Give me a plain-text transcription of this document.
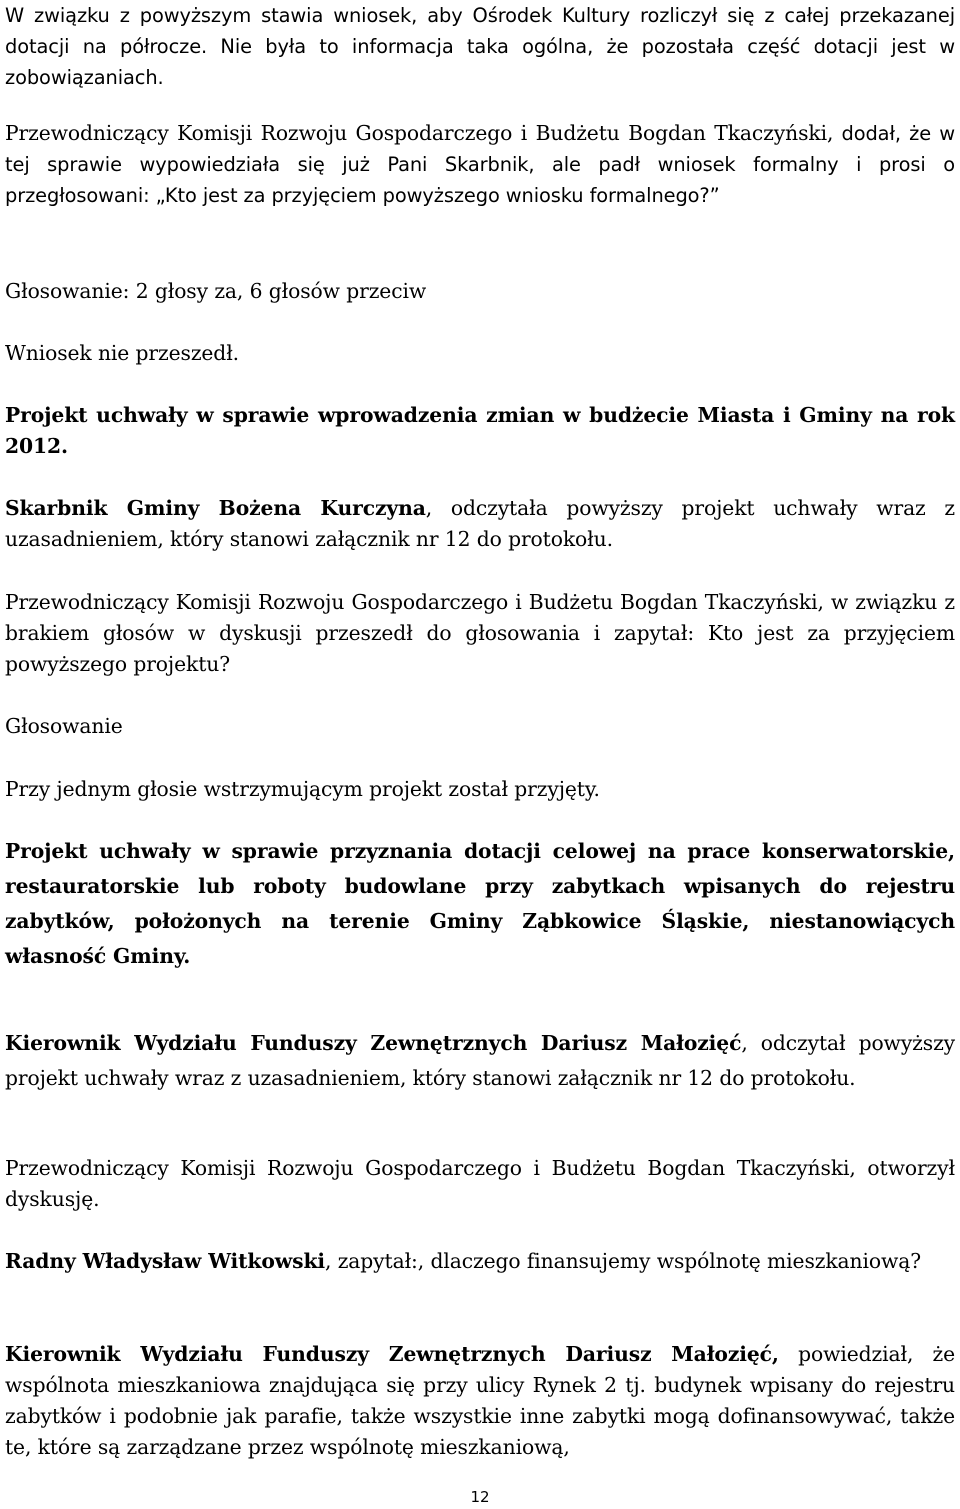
W związku z powyższym stawia wniosek, aby Ośrodek Kultury rozliczył się z całej przekazanej dotacji na półrocze. Nie była to informacja taka ogólna, że pozostała część dotacji jest w zobowiązaniach.

Przewodniczący Komisji Rozwoju Gospodarczego i Budżetu Bogdan Tkaczyński, dodał, że w tej sprawie wypowiedziała się już Pani Skarbnik, ale padł wniosek formalny i prosi o przegłosowani: „Kto jest za przyjęciem powyższego wniosku formalnego?”

Głosowanie: 2 głosy za, 6 głosów przeciw

Wniosek nie przeszedł.

Projekt uchwały w sprawie wprowadzenia zmian w budżecie Miasta i Gminy na rok 2012.

Skarbnik Gminy Bożena Kurczyna, odczytała powyższy projekt uchwały wraz z uzasadnieniem, który stanowi załącznik nr 12 do protokołu.

Przewodniczący Komisji Rozwoju Gospodarczego i Budżetu Bogdan Tkaczyński, w związku z brakiem głosów w dyskusji przeszedł do głosowania i zapytał: Kto jest za przyjęciem powyższego projektu?

Głosowanie

Przy jednym głosie wstrzymującym projekt został przyjęty.

Projekt uchwały w sprawie przyznania dotacji celowej na prace konserwatorskie, restauratorskie lub roboty budowlane przy zabytkach wpisanych do rejestru zabytków, położonych na terenie Gminy Ząbkowice Śląskie, niestanowiących własność Gminy.

Kierownik Wydziału Funduszy Zewnętrznych Dariusz Małozięć, odczytał powyższy projekt uchwały wraz z uzasadnieniem, który stanowi załącznik nr 12 do protokołu.

Przewodniczący Komisji Rozwoju Gospodarczego i Budżetu Bogdan Tkaczyński, otworzył dyskusję.

Radny Władysław Witkowski, zapytał:, dlaczego finansujemy wspólnotę mieszkaniową?

Kierownik Wydziału Funduszy Zewnętrznych Dariusz Małozięć, powiedział, że wspólnota mieszkaniowa znajdująca się przy ulicy Rynek 2 tj. budynek wpisany do rejestru zabytków i podobnie jak parafie, także wszystkie inne zabytki mogą dofinansowywać, także te, które są zarządzane przez wspólnotę mieszkaniową,

12
